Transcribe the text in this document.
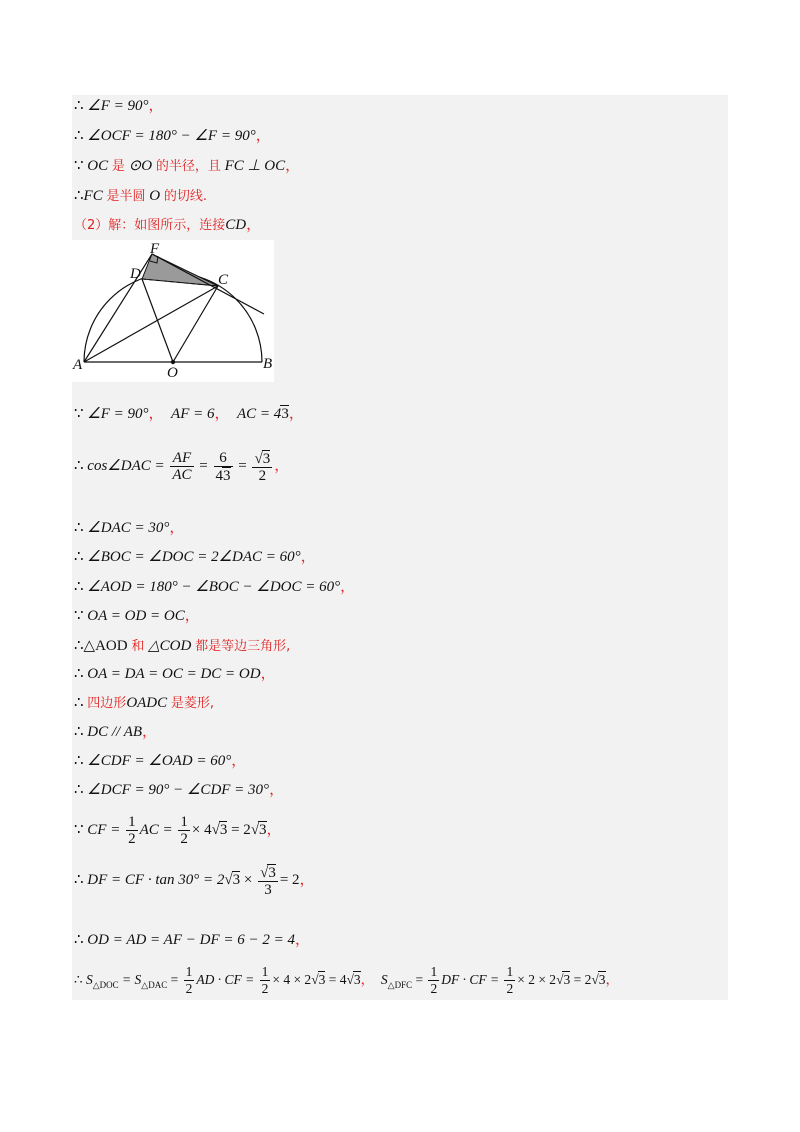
∴ ∠F = 90°，
∴ ∠OCF = 180° − ∠F = 90°，
∵ OC 是 ⊙O 的半径，且 FC ⊥ OC，
∴FC 是半圆 O 的切线.
（2）解：如图所示，连接CD，
F
D	C
A	O
B
∵ ∠F = 90°， AF = 6， AC = 43，
∴ cos∠DAC = $\frac{AF}{AC} = \frac{6}{43} = \frac{√3}{2}$ ，
∴ ∠DAC = 30°，
∴ ∠BOC = ∠DOC = 2∠DAC = 60°，
∴ ∠AOD = 180° − ∠BOC − ∠DOC = 60°，
∵ OA = OD = OC，
∴△AOD 和 △COD 都是等边三角形,
∴ OA = DA = OC = DC = OD，
∴ 四边形OADC 是菱形,
∴ DC // AB，
∴ ∠CDF = ∠OAD = 60°，
∴ ∠DCF = 90° − ∠CDF = 30°，
∵ CF = $\frac{1}{2}$ AC = $\frac{1}{2} \times 4√3 = 2√3$，
∴ DF = CF · $\tan 30^\circ = 2√3 \times \frac{√3}{3} = 2$，
∴ OD = AD = AF − DF = 6 − 2 = 4，
∴ $S_{\triangle DOC} = S_{\triangle DAC} = \frac{1}{2}$ AD · CF = $\frac{1}{2} \times 4 \times 2√3 = 4√3$， $S_{\triangle DFC} = \frac{1}{2}$ DF · CF = $\frac{1}{2} \times 2 \times 2√3 = 2√3$，
